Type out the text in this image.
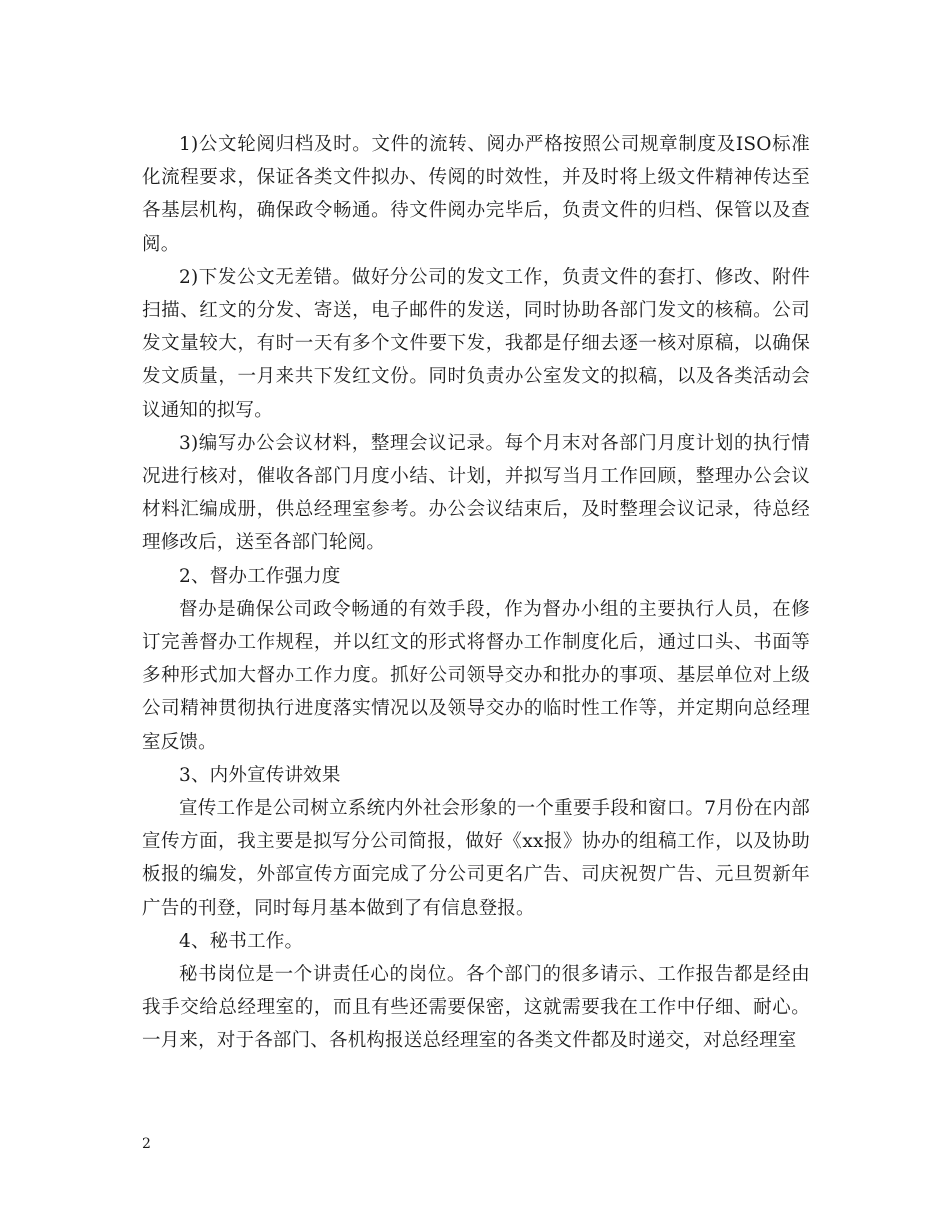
1)公文轮阅归档及时。文件的流转、阅办严格按照公司规章制度及ISO标准化流程要求，保证各类文件拟办、传阅的时效性，并及时将上级文件精神传达至各基层机构，确保政令畅通。待文件阅办完毕后，负责文件的归档、保管以及查阅。

2)下发公文无差错。做好分公司的发文工作，负责文件的套打、修改、附件扫描、红文的分发、寄送，电子邮件的发送，同时协助各部门发文的核稿。公司发文量较大，有时一天有多个文件要下发，我都是仔细去逐一核对原稿，以确保发文质量，一月来共下发红文份。同时负责办公室发文的拟稿，以及各类活动会议通知的拟写。

3)编写办公会议材料，整理会议记录。每个月末对各部门月度计划的执行情况进行核对，催收各部门月度小结、计划，并拟写当月工作回顾，整理办公会议材料汇编成册，供总经理室参考。办公会议结束后，及时整理会议记录，待总经理修改后，送至各部门轮阅。

2、督办工作强力度

督办是确保公司政令畅通的有效手段，作为督办小组的主要执行人员，在修订完善督办工作规程，并以红文的形式将督办工作制度化后，通过口头、书面等多种形式加大督办工作力度。抓好公司领导交办和批办的事项、基层单位对上级公司精神贯彻执行进度落实情况以及领导交办的临时性工作等，并定期向总经理室反馈。

3、内外宣传讲效果

宣传工作是公司树立系统内外社会形象的一个重要手段和窗口。7月份在内部宣传方面，我主要是拟写分公司简报，做好《xx报》协办的组稿工作，以及协助板报的编发，外部宣传方面完成了分公司更名广告、司庆祝贺广告、元旦贺新年广告的刊登，同时每月基本做到了有信息登报。

4、秘书工作。

秘书岗位是一个讲责任心的岗位。各个部门的很多请示、工作报告都是经由我手交给总经理室的，而且有些还需要保密，这就需要我在工作中仔细、耐心。一月来，对于各部门、各机构报送总经理室的各类文件都及时递交，对总经理室

2
